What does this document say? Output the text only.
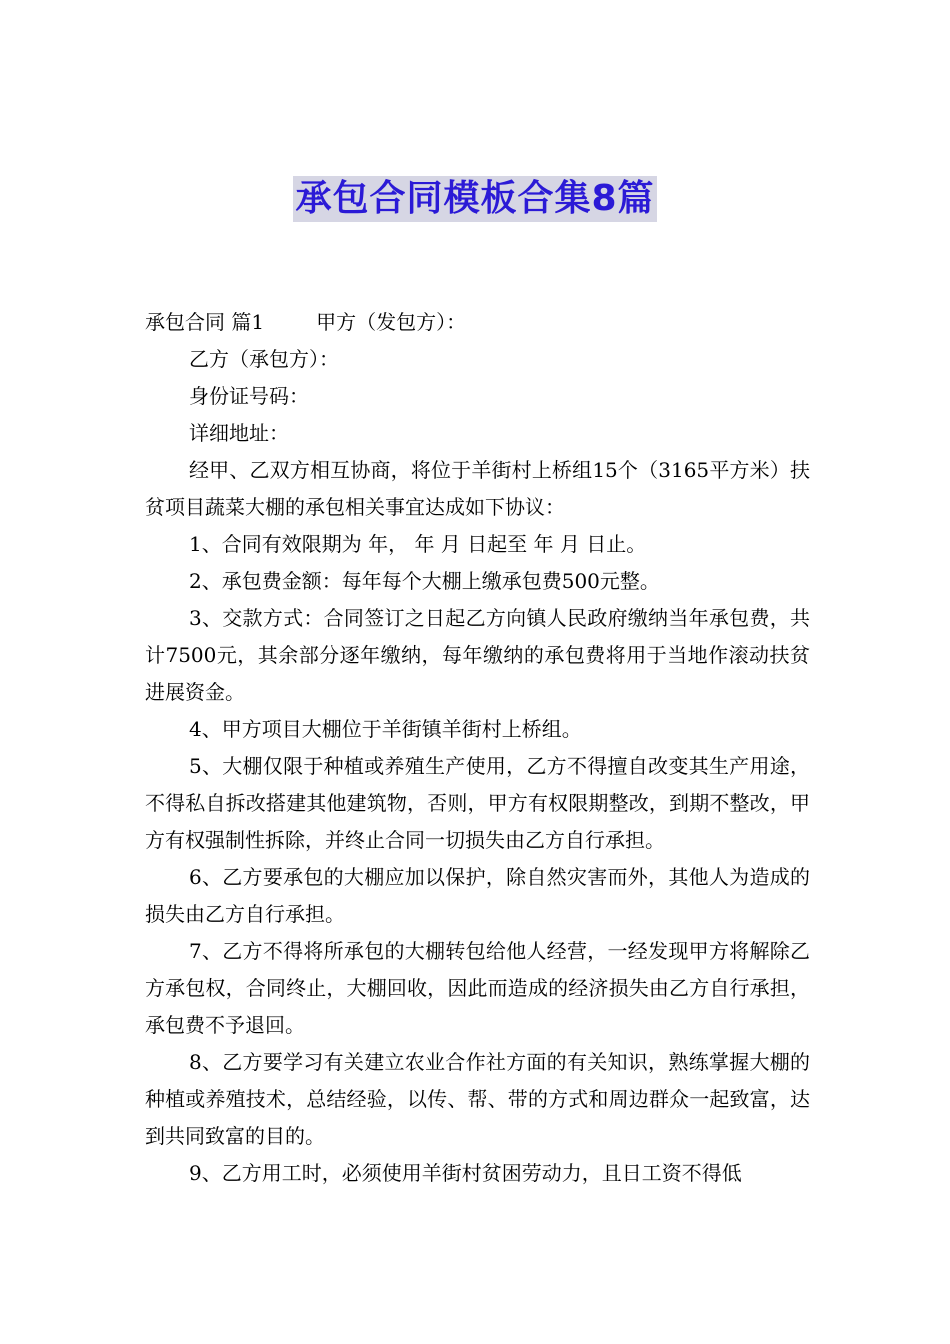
承包合同模板合集8篇

承包合同 篇1	甲方（发包方）：

乙方（承包方）：

身份证号码：

详细地址：

经甲、乙双方相互协商，将位于羊街村上桥组15个（3165平方米）扶贫项目蔬菜大棚的承包相关事宜达成如下协议：

1、合同有效限期为 年， 年 月 日起至 年 月 日止。

2、承包费金额：每年每个大棚上缴承包费500元整。

3、交款方式：合同签订之日起乙方向镇人民政府缴纳当年承包费，共计7500元，其余部分逐年缴纳，每年缴纳的承包费将用于当地作滚动扶贫进展资金。

4、甲方项目大棚位于羊街镇羊街村上桥组。

5、大棚仅限于种植或养殖生产使用，乙方不得擅自改变其生产用途，不得私自拆改搭建其他建筑物，否则，甲方有权限期整改，到期不整改，甲方有权强制性拆除，并终止合同一切损失由乙方自行承担。

6、乙方要承包的大棚应加以保护，除自然灾害而外，其他人为造成的损失由乙方自行承担。

7、乙方不得将所承包的大棚转包给他人经营，一经发现甲方将解除乙方承包权，合同终止，大棚回收，因此而造成的经济损失由乙方自行承担，承包费不予退回。

8、乙方要学习有关建立农业合作社方面的有关知识，熟练掌握大棚的种植或养殖技术，总结经验，以传、帮、带的方式和周边群众一起致富，达到共同致富的目的。

9、乙方用工时，必须使用羊街村贫困劳动力，且日工资不得低
